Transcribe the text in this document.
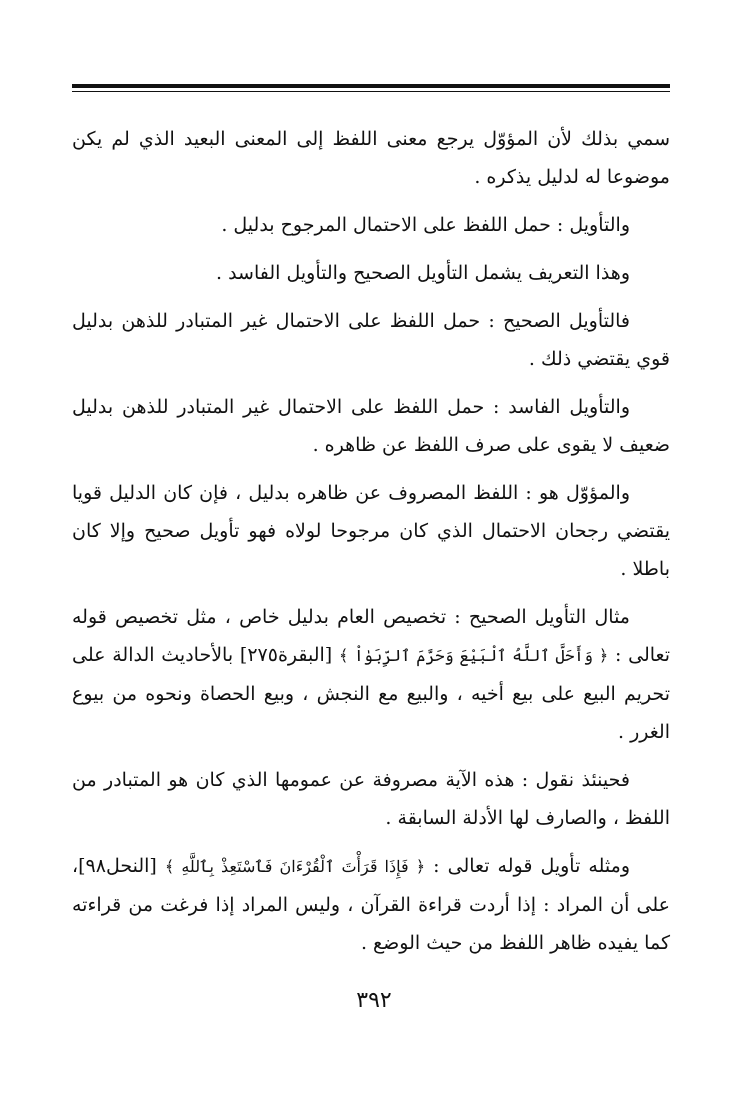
سمي بذلك لأن المؤوّل يرجع معنى اللفظ إلى المعنى البعيد الذي لم يكن موضوعا له لدليل يذكره .

والتأويل : حمل اللفظ على الاحتمال المرجوح بدليل .

وهذا التعريف يشمل التأويل الصحيح والتأويل الفاسد .

فالتأويل الصحيح : حمل اللفظ على الاحتمال غير المتبادر للذهن بدليل قوي يقتضي ذلك .

والتأويل الفاسد : حمل اللفظ على الاحتمال غير المتبادر للذهن بدليل ضعيف لا يقوى على صرف اللفظ عن ظاهره .

والمؤوّل هو : اللفظ المصروف عن ظاهره بدليل ، فإن كان الدليل قويا يقتضي رجحان الاحتمال الذي كان مرجوحا لولاه فهو تأويل صحيح وإلا كان باطلا .

مثال التأويل الصحيح : تخصيص العام بدليل خاص ، مثل تخصيص قوله تعالى : ﴿ وَأَحَلَّ ٱللَّهُ ٱلْبَيْعَ وَحَرَّمَ ٱلرِّبَوٰاْ ﴾ [البقرة٢٧٥] بالأحاديث الدالة على تحريم البيع على بيع أخيه ، والبيع مع النجش ، وبيع الحصاة ونحوه من بيوع الغرر .

فحينئذ نقول : هذه الآية مصروفة عن عمومها الذي كان هو المتبادر من اللفظ ، والصارف لها الأدلة السابقة .

ومثله تأويل قوله تعالى : ﴿ فَإِذَا قَرَأْتَ ٱلْقُرْءَانَ فَٱسْتَعِذْ بِٱللَّهِ ﴾ [النحل٩٨]، على أن المراد : إذا أردت قراءة القرآن ، وليس المراد إذا فرغت من قراءته كما يفيده ظاهر اللفظ من حيث الوضع .

٣٩٢
